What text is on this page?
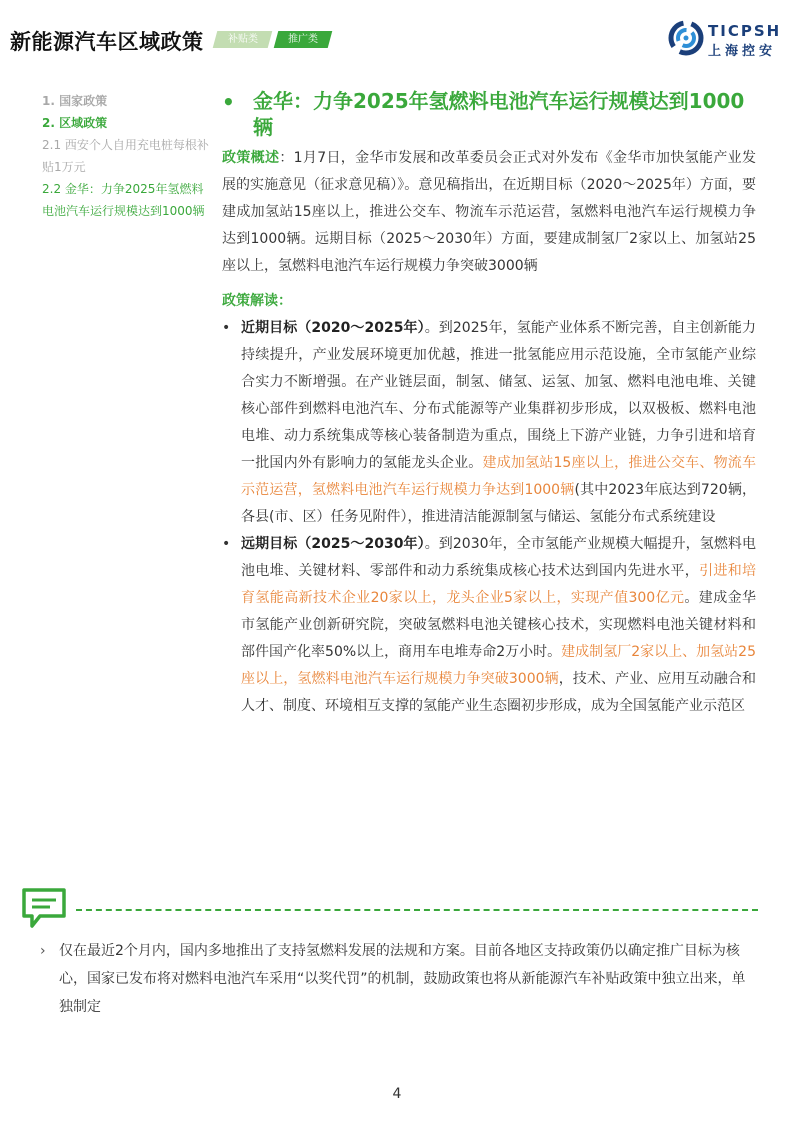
新能源汽车区域政策	补贴类	推广类	TICPSH
上海控安
1. 国家政策
2. 区域政策
2.1 西安个人自用充电桩每根补贴1万元
2.2 金华：力争2025年氢燃料电池汽车运行规模达到1000辆
• 金华：力争2025年氢燃料电池汽车运行规模达到1000辆
政策概述：1月7日，金华市发展和改革委员会正式对外发布《金华市加快氢能产业发展的实施意见（征求意见稿）》。意见稿指出，在近期目标（2020～2025年）方面，要建成加氢站15座以上，推进公交车、物流车示范运营，氢燃料电池汽车运行规模力争达到1000辆。远期目标（2025～2030年）方面，要建成制氢厂2家以上、加氢站25座以上，氢燃料电池汽车运行规模力争突破3000辆
政策解读：
• 近期目标（2020～2025年）。到2025年，氢能产业体系不断完善，自主创新能力持续提升，产业发展环境更加优越，推进一批氢能应用示范设施，全市氢能产业综合实力不断增强。在产业链层面，制氢、储氢、运氢、加氢、燃料电池电堆、关键核心部件到燃料电池汽车、分布式能源等产业集群初步形成，以双极板、燃料电池电堆、动力系统集成等核心装备制造为重点，围绕上下游产业链，力争引进和培育一批国内外有影响力的氢能龙头企业。建成加氢站15座以上，推进公交车、物流车示范运营，氢燃料电池汽车运行规模力争达到1000辆(其中2023年底达到720辆，各县(市、区）任务见附件），推进清洁能源制氢与储运、氢能分布式系统建设
• 远期目标（2025～2030年）。到2030年，全市氢能产业规模大幅提升，氢燃料电池电堆、关键材料、零部件和动力系统集成核心技术达到国内先进水平，引进和培育氢能高新技术企业20家以上，龙头企业5家以上，实现产值300亿元。建成金华市氢能产业创新研究院，突破氢燃料电池关键核心技术，实现燃料电池关键材料和部件国产化率50%以上，商用车电堆寿命2万小时。建成制氢厂2家以上、加氢站25座以上，氢燃料电池汽车运行规模力争突破3000辆，技术、产业、应用互动融合和人才、制度、环境相互支撑的氢能产业生态圈初步形成，成为全国氢能产业示范区
› 仅在最近2个月内，国内多地推出了支持氢燃料发展的法规和方案。目前各地区支持政策仍以确定推广目标为核心，国家已发布将对燃料电池汽车采用“以奖代罚”的机制，鼓励政策也将从新能源汽车补贴政策中独立出来，单独制定
4
